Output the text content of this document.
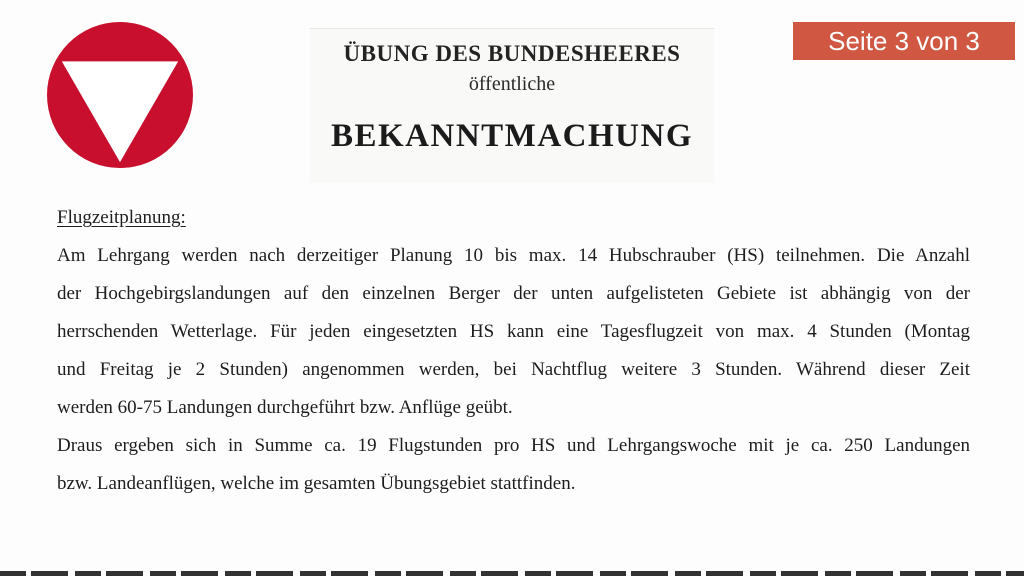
ÜBUNG DES BUNDESHEERES
öffentliche
BEKANNTMACHUNG
Seite 3 von 3
Flugzeitplanung:
Am Lehrgang werden nach derzeitiger Planung 10 bis max. 14 Hubschrauber (HS) teilnehmen. Die Anzahl
der Hochgebirgslandungen auf den einzelnen Berger der unten aufgelisteten Gebiete ist abhängig von der
herrschenden Wetterlage. Für jeden eingesetzten HS kann eine Tagesflugzeit von max. 4 Stunden (Montag
und Freitag je 2 Stunden) angenommen werden, bei Nachtflug weitere 3 Stunden. Während dieser Zeit
werden 60-75 Landungen durchgeführt bzw. Anflüge geübt.
Draus ergeben sich in Summe ca. 19 Flugstunden pro HS und Lehrgangswoche mit je ca. 250 Landungen
bzw. Landeanflügen, welche im gesamten Übungsgebiet stattfinden.
